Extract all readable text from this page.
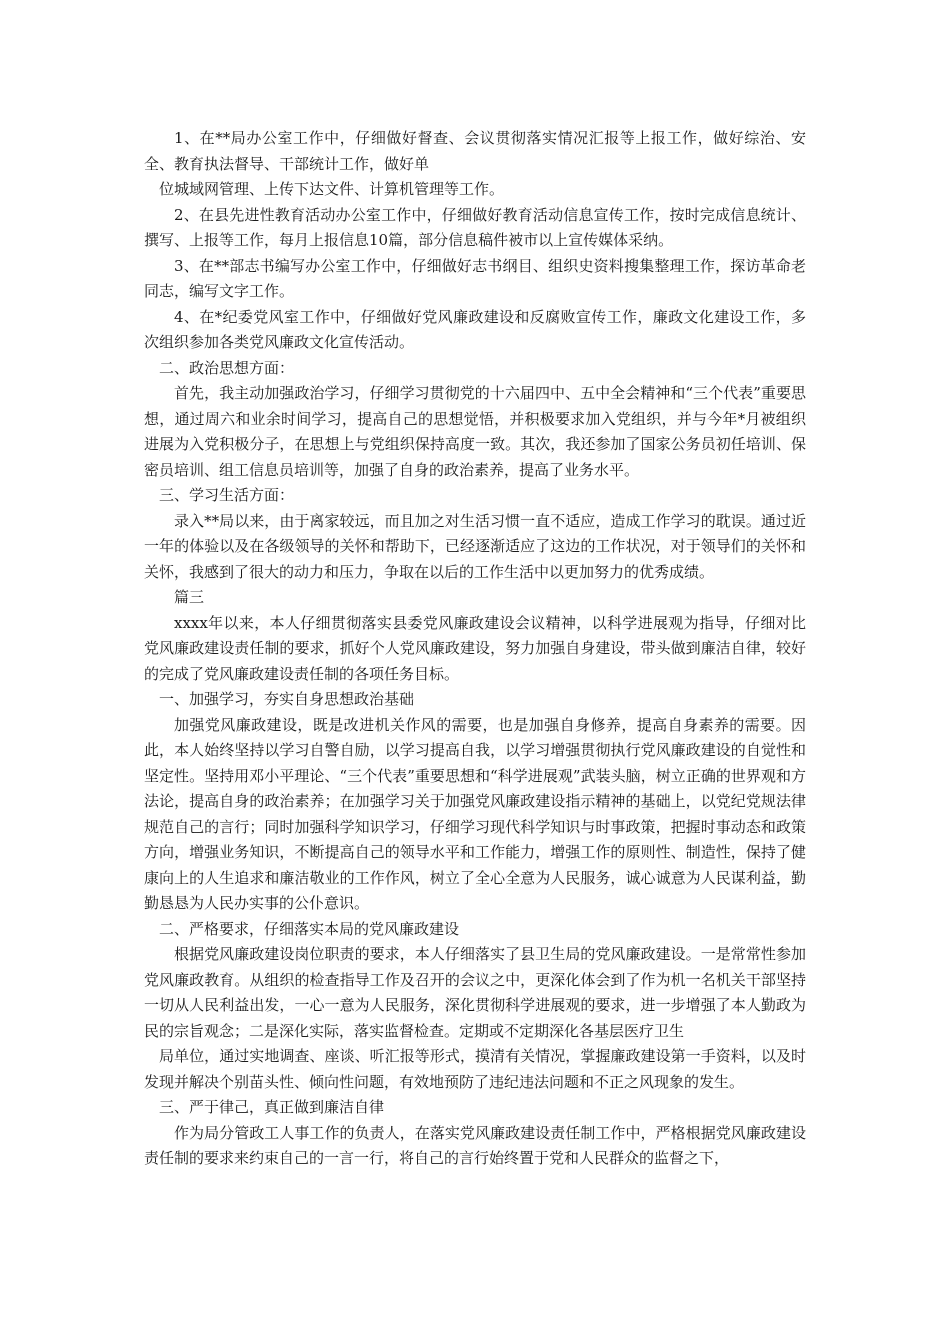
1、在**局办公室工作中，仔细做好督查、会议贯彻落实情况汇报等上报工作，做好综治、安全、教育执法督导、干部统计工作，做好单

位城域网管理、上传下达文件、计算机管理等工作。

2、在县先进性教育活动办公室工作中，仔细做好教育活动信息宣传工作，按时完成信息统计、撰写、上报等工作，每月上报信息10篇，部分信息稿件被市以上宣传媒体采纳。

3、在**部志书编写办公室工作中，仔细做好志书纲目、组织史资料搜集整理工作，探访革命老同志，编写文字工作。

4、在*纪委党风室工作中，仔细做好党风廉政建设和反腐败宣传工作，廉政文化建设工作，多次组织参加各类党风廉政文化宣传活动。

二、政治思想方面：

首先，我主动加强政治学习，仔细学习贯彻党的十六届四中、五中全会精神和“三个代表”重要思想，通过周六和业余时间学习，提高自己的思想觉悟，并积极要求加入党组织，并与今年*月被组织进展为入党积极分子，在思想上与党组织保持高度一致。其次，我还参加了国家公务员初任培训、保密员培训、组工信息员培训等，加强了自身的政治素养，提高了业务水平。

三、学习生活方面：

录入**局以来，由于离家较远，而且加之对生活习惯一直不适应，造成工作学习的耽误。通过近一年的体验以及在各级领导的关怀和帮助下，已经逐渐适应了这边的工作状况，对于领导们的关怀和关怀，我感到了很大的动力和压力，争取在以后的工作生活中以更加努力的优秀成绩。

篇三

xxxx年以来，本人仔细贯彻落实县委党风廉政建设会议精神，以科学进展观为指导，仔细对比党风廉政建设责任制的要求，抓好个人党风廉政建设，努力加强自身建设，带头做到廉洁自律，较好的完成了党风廉政建设责任制的各项任务目标。

一、加强学习，夯实自身思想政治基础

加强党风廉政建设，既是改进机关作风的需要，也是加强自身修养，提高自身素养的需要。因此，本人始终坚持以学习自警自励，以学习提高自我，以学习增强贯彻执行党风廉政建设的自觉性和坚定性。坚持用邓小平理论、“三个代表”重要思想和“科学进展观”武装头脑，树立正确的世界观和方法论，提高自身的政治素养；在加强学习关于加强党风廉政建设指示精神的基础上，以党纪党规法律规范自己的言行；同时加强科学知识学习，仔细学习现代科学知识与时事政策，把握时事动态和政策方向，增强业务知识，不断提高自己的领导水平和工作能力，增强工作的原则性、制造性，保持了健康向上的人生追求和廉洁敬业的工作作风，树立了全心全意为人民服务，诚心诚意为人民谋利益，勤勤恳恳为人民办实事的公仆意识。

二、严格要求，仔细落实本局的党风廉政建设

根据党风廉政建设岗位职责的要求，本人仔细落实了县卫生局的党风廉政建设。一是常常性参加党风廉政教育。从组织的检查指导工作及召开的会议之中，更深化体会到了作为机一名机关干部坚持一切从人民利益出发，一心一意为人民服务，深化贯彻科学进展观的要求，进一步增强了本人勤政为民的宗旨观念；二是深化实际，落实监督检查。定期或不定期深化各基层医疗卫生

局单位，通过实地调查、座谈、听汇报等形式，摸清有关情况，掌握廉政建设第一手资料，以及时发现并解决个别苗头性、倾向性问题，有效地预防了违纪违法问题和不正之风现象的发生。

三、严于律己，真正做到廉洁自律

作为局分管政工人事工作的负责人，在落实党风廉政建设责任制工作中，严格根据党风廉政建设责任制的要求来约束自己的一言一行，将自己的言行始终置于党和人民群众的监督之下，
